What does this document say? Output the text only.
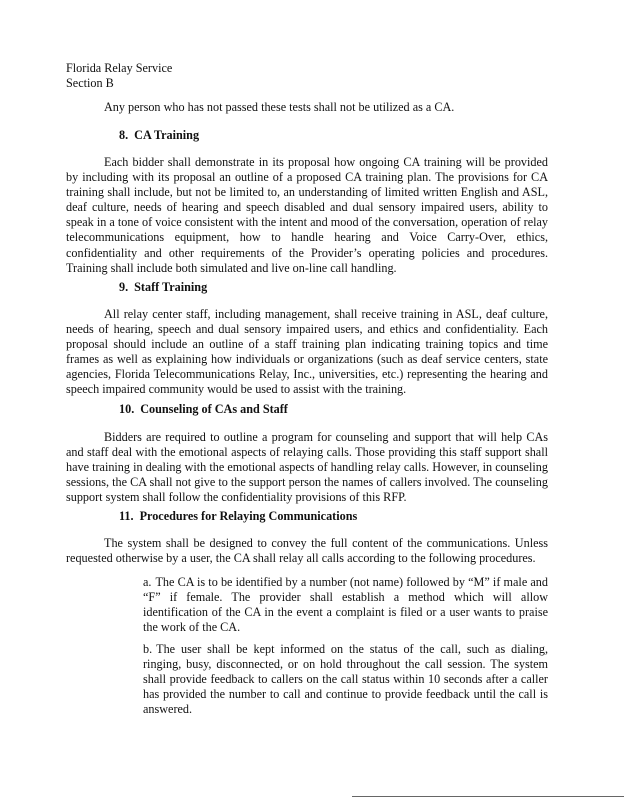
Florida Relay Service
Section B
Any person who has not passed these tests shall not be utilized as a CA.
8. CA Training

Each bidder shall demonstrate in its proposal how ongoing CA training will be provided by including with its proposal an outline of a proposed CA training plan. The provisions for CA training shall include, but not be limited to, an understanding of limited written English and ASL, deaf culture, needs of hearing and speech disabled and dual sensory impaired users, ability to speak in a tone of voice consistent with the intent and mood of the conversation, operation of relay telecommunications equipment, how to handle hearing and Voice Carry-Over, ethics, confidentiality and other requirements of the Provider’s operating policies and procedures. Training shall include both simulated and live on-line call handling.

9. Staff Training

All relay center staff, including management, shall receive training in ASL, deaf culture, needs of hearing, speech and dual sensory impaired users, and ethics and confidentiality. Each proposal should include an outline of a staff training plan indicating training topics and time frames as well as explaining how individuals or organizations (such as deaf service centers, state agencies, Florida Telecommunications Relay, Inc., universities, etc.) representing the hearing and speech impaired community would be used to assist with the training.

10. Counseling of CAs and Staff

Bidders are required to outline a program for counseling and support that will help CAs and staff deal with the emotional aspects of relaying calls. Those providing this staff support shall have training in dealing with the emotional aspects of handling relay calls. However, in counseling sessions, the CA shall not give to the support person the names of callers involved. The counseling support system shall follow the confidentiality provisions of this RFP.

11. Procedures for Relaying Communications

The system shall be designed to convey the full content of the communications. Unless requested otherwise by a user, the CA shall relay all calls according to the following procedures.

a. The CA is to be identified by a number (not name) followed by “M” if male and “F” if female. The provider shall establish a method which will allow identification of the CA in the event a complaint is filed or a user wants to praise the work of the CA.

b. The user shall be kept informed on the status of the call, such as dialing, ringing, busy, disconnected, or on hold throughout the call session. The system shall provide feedback to callers on the call status within 10 seconds after a caller has provided the number to call and continue to provide feedback until the call is answered.
